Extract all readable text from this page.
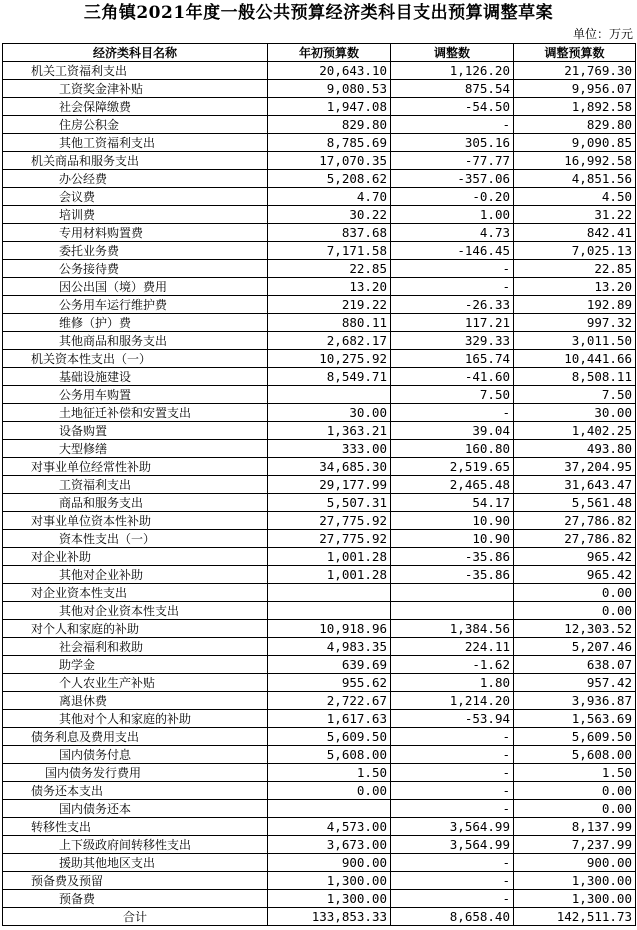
三角镇2021年度一般公共预算经济类科目支出预算调整草案
单位：万元
经济类科目名称	年初预算数	调整数	调整预算数
机关工资福利支出	20,643.10	1,126.20	21,769.30
工资奖金津补贴	9,080.53	875.54	9,956.07
社会保障缴费	1,947.08	-54.50	1,892.58
住房公积金	829.80	-	829.80
其他工资福利支出	8,785.69	305.16	9,090.85
机关商品和服务支出	17,070.35	-77.77	16,992.58
办公经费	5,208.62	-357.06	4,851.56
会议费	4.70	-0.20	4.50
培训费	30.22	1.00	31.22
专用材料购置费	837.68	4.73	842.41
委托业务费	7,171.58	-146.45	7,025.13
公务接待费	22.85	-	22.85
因公出国（境）费用	13.20	-	13.20
公务用车运行维护费	219.22	-26.33	192.89
维修（护）费	880.11	117.21	997.32
其他商品和服务支出	2,682.17	329.33	3,011.50
机关资本性支出（一）	10,275.92	165.74	10,441.66
基础设施建设	8,549.71	-41.60	8,508.11
公务用车购置		7.50	7.50
土地征迁补偿和安置支出	30.00	-	30.00
设备购置	1,363.21	39.04	1,402.25
大型修缮	333.00	160.80	493.80
对事业单位经常性补助	34,685.30	2,519.65	37,204.95
工资福利支出	29,177.99	2,465.48	31,643.47
商品和服务支出	5,507.31	54.17	5,561.48
对事业单位资本性补助	27,775.92	10.90	27,786.82
资本性支出（一）	27,775.92	10.90	27,786.82
对企业补助	1,001.28	-35.86	965.42
其他对企业补助	1,001.28	-35.86	965.42
对企业资本性支出			0.00
其他对企业资本性支出			0.00
对个人和家庭的补助	10,918.96	1,384.56	12,303.52
社会福利和救助	4,983.35	224.11	5,207.46
助学金	639.69	-1.62	638.07
个人农业生产补贴	955.62	1.80	957.42
离退休费	2,722.67	1,214.20	3,936.87
其他对个人和家庭的补助	1,617.63	-53.94	1,563.69
债务利息及费用支出	5,609.50	-	5,609.50
国内债务付息	5,608.00	-	5,608.00
国内债务发行费用	1.50	-	1.50
债务还本支出	0.00	-	0.00
国内债务还本		-	0.00
转移性支出	4,573.00	3,564.99	8,137.99
上下级政府间转移性支出	3,673.00	3,564.99	7,237.99
援助其他地区支出	900.00	-	900.00
预备费及预留	1,300.00	-	1,300.00
预备费	1,300.00	-	1,300.00
合计	133,853.33	8,658.40	142,511.73
